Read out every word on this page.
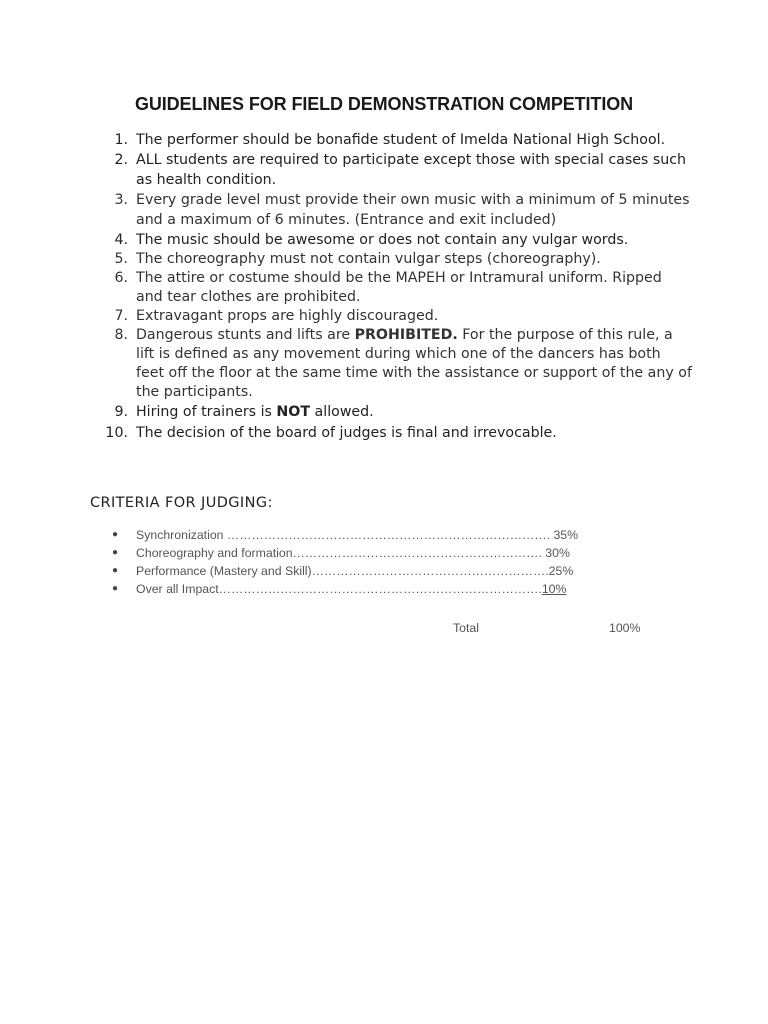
GUIDELINES FOR FIELD DEMONSTRATION COMPETITION
1. The performer should be bonafide student of Imelda National High School.
2. ALL students are required to participate except those with special cases such as health condition.
3. Every grade level must provide their own music with a minimum of 5 minutes and a maximum of 6 minutes. (Entrance and exit included)
4. The music should be awesome or does not contain any vulgar words.
5. The choreography must not contain vulgar steps (choreography).
6. The attire or costume should be the MAPEH or Intramural uniform. Ripped and tear clothes are prohibited.
7. Extravagant props are highly discouraged.
8. Dangerous stunts and lifts are PROHIBITED. For the purpose of this rule, a lift is defined as any movement during which one of the dancers has both feet off the floor at the same time with the assistance or support of the any of the participants.
9. Hiring of trainers is NOT allowed.
10. The decision of the board of judges is final and irrevocable.
CRITERIA FOR JUDGING:
● Synchronization ……………………………………………………………………. 35%
● Choreography and formation……………………………………………………. 30%
● Performance (Mastery and Skill)………………………………………………….25%
● Over all Impact…………………………………………………………………….10%
Total	100%
